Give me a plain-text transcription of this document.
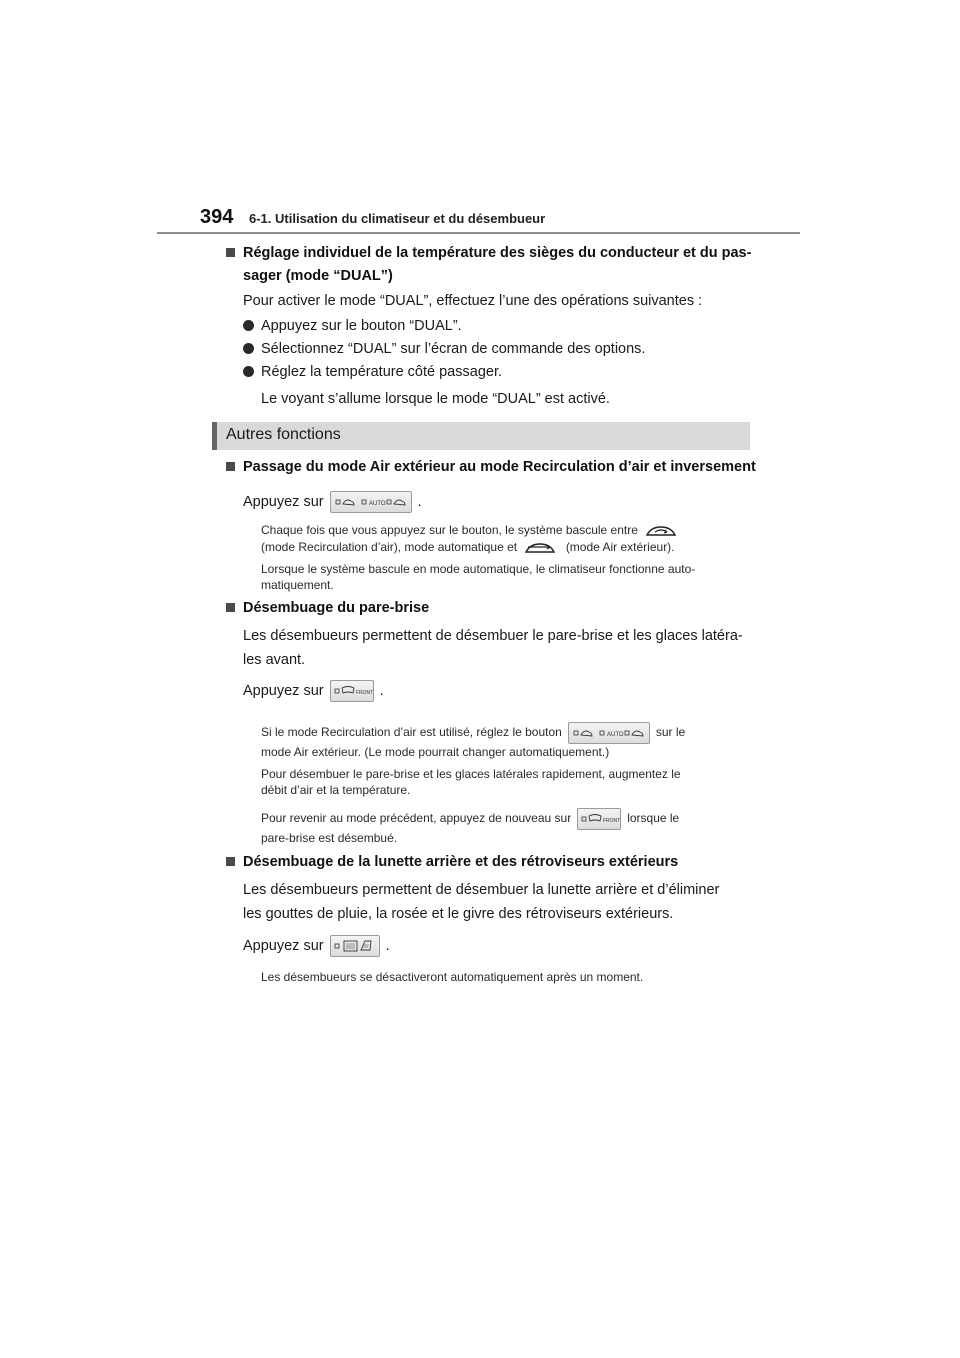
394 6-1. Utilisation du climatiseur et du désembueur
Réglage individuel de la température des sièges du conducteur et du pas-
sager (mode “DUAL”)
Pour activer le mode “DUAL”, effectuez l’une des opérations suivantes :
Appuyez sur le bouton “DUAL”.
Sélectionnez “DUAL” sur l’écran de commande des options.
Réglez la température côté passager.
Le voyant s’allume lorsque le mode “DUAL” est activé.
Autres fonctions
Passage du mode Air extérieur au mode Recirculation d’air et inversement
Appuyez sur	AUTO .
Chaque fois que vous appuyez sur le bouton, le système bascule entre
(mode Recirculation d’air), mode automatique et	(mode Air extérieur).
Lorsque le système bascule en mode automatique, le climatiseur fonctionne auto-
matiquement.
Désembuage du pare-brise
Les désembueurs permettent de désembuer le pare-brise et les glaces latéra-
les avant.
Appuyez sur	FRONT .
Si le mode Recirculation d’air est utilisé, réglez le bouton	AUTO	sur le
mode Air extérieur. (Le mode pourrait changer automatiquement.)
Pour désembuer le pare-brise et les glaces latérales rapidement, augmentez le
débit d’air et la température.
Pour revenir au mode précédent, appuyez de nouveau sur	FRONT lorsque le
pare-brise est désembué.
Désembuage de la lunette arrière et des rétroviseurs extérieurs
Les désembueurs permettent de désembuer la lunette arrière et d’éliminer
les gouttes de pluie, la rosée et le givre des rétroviseurs extérieurs.
Appuyez sur	.
Les désembueurs se désactiveront automatiquement après un moment.
